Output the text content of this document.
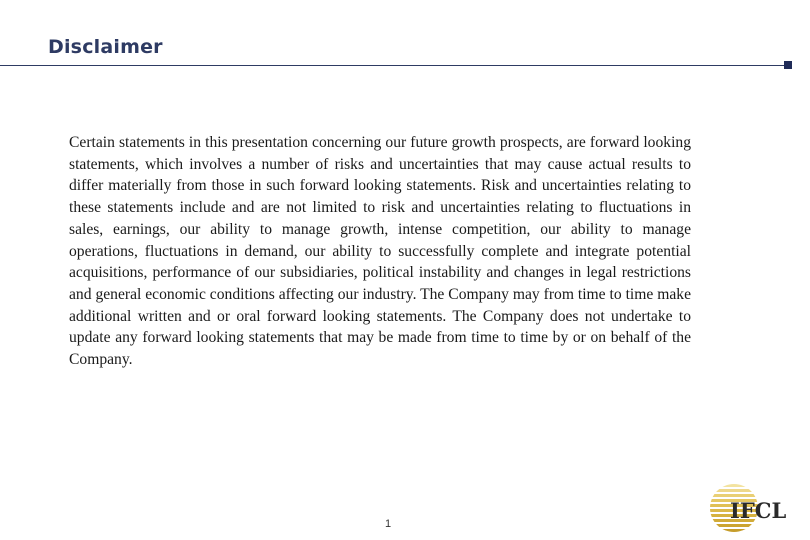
Disclaimer

Certain statements in this presentation concerning our future growth prospects, are forward looking statements, which involves a number of risks and uncertainties that may cause actual results to differ materially from those in such forward looking statements. Risk and uncertainties relating to these statements include and are not limited to risk and uncertainties relating to fluctuations in sales, earnings, our ability to manage growth, intense competition, our ability to manage operations, fluctuations in demand, our ability to successfully complete and integrate potential acquisitions, performance of our subsidiaries, political instability and changes in legal restrictions and general economic conditions affecting our industry. The Company may from time to time make additional written and or oral forward looking statements. The Company does not undertake to update any forward looking statements that may be made from time to time by or on behalf of the Company.

1
IFCL
